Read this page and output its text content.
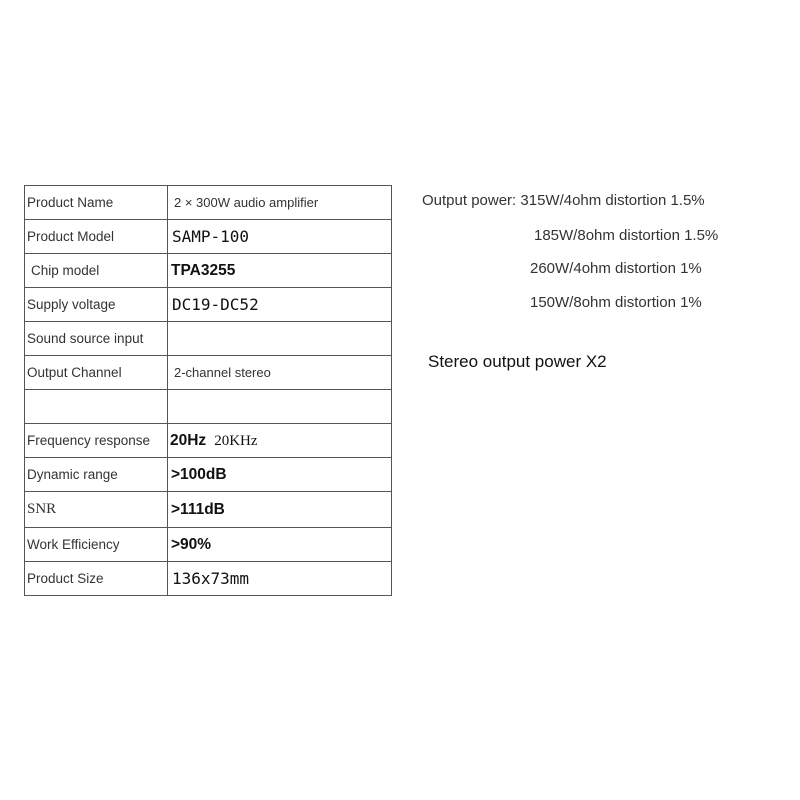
Product Name	2 × 300W audio amplifier
Product Model	SAMP-100
Chip model	TPA3255
Supply voltage	DC19-DC52
Sound source input	
Output Channel	2-channel stereo

Frequency response	20Hz 20KHz
Dynamic range	>100dB
SNR	>111dB
Work Efficiency	>90%
Product Size	136x73mm
Output power: 315W/4ohm distortion 1.5%
185W/8ohm distortion 1.5%
260W/4ohm distortion 1%
150W/8ohm distortion 1%
Stereo output power X2
